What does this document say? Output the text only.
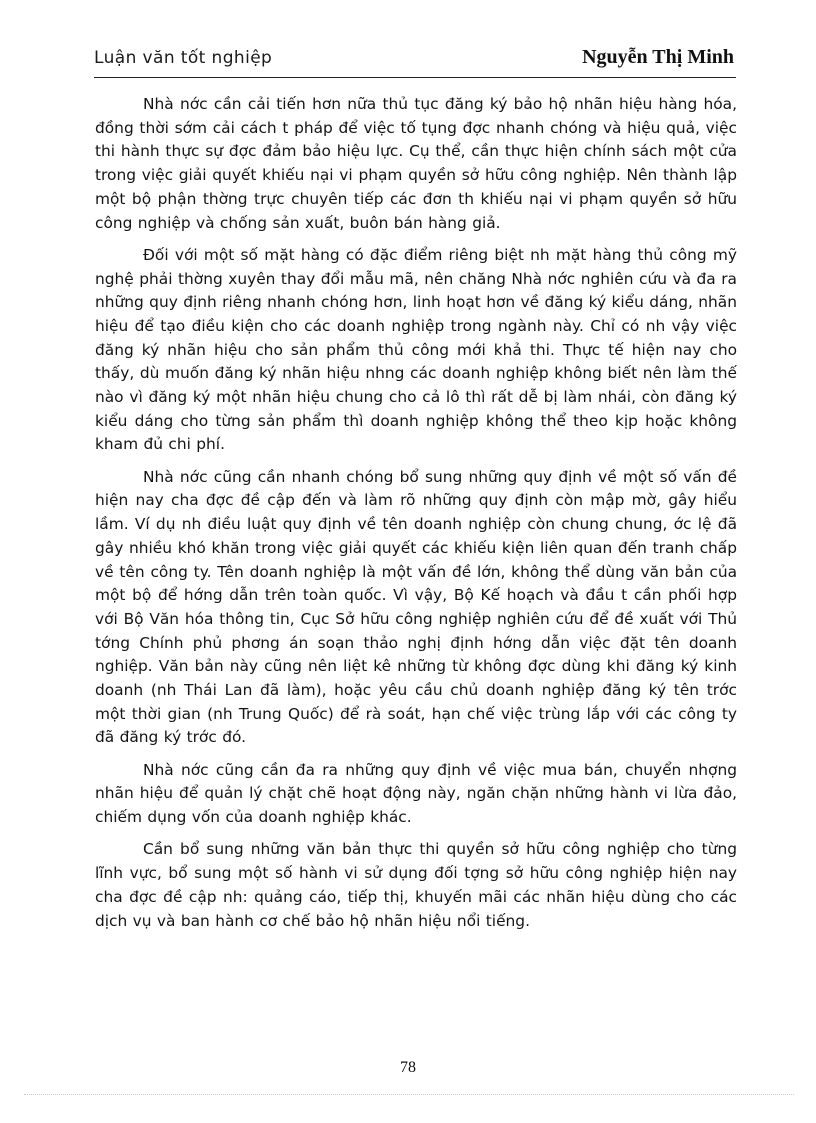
Luận văn tốt nghiệp	Nguyễn Thị Minh

Nhà nớc cần cải tiến hơn nữa thủ tục đăng ký bảo hộ nhãn hiệu hàng hóa, đồng thời sớm cải cách t pháp để việc tố tụng đợc nhanh chóng và hiệu quả, việc thi hành thực sự đợc đảm bảo hiệu lực. Cụ thể, cần thực hiện chính sách một cửa trong việc giải quyết khiếu nại vi phạm quyền sở hữu công nghiệp. Nên thành lập một bộ phận thờng trực chuyên tiếp các đơn th khiếu nại vi phạm quyền sở hữu công nghiệp và chống sản xuất, buôn bán hàng giả.

Đối với một số mặt hàng có đặc điểm riêng biệt nh mặt hàng thủ công mỹ nghệ phải thờng xuyên thay đổi mẫu mã, nên chăng Nhà nớc nghiên cứu và đa ra những quy định riêng nhanh chóng hơn, linh hoạt hơn về đăng ký kiểu dáng, nhãn hiệu để tạo điều kiện cho các doanh nghiệp trong ngành này. Chỉ có nh vậy việc đăng ký nhãn hiệu cho sản phẩm thủ công mới khả thi. Thực tế hiện nay cho thấy, dù muốn đăng ký nhãn hiệu nhng các doanh nghiệp không biết nên làm thế nào vì đăng ký một nhãn hiệu chung cho cả lô thì rất dễ bị làm nhái, còn đăng ký kiểu dáng cho từng sản phẩm thì doanh nghiệp không thể theo kịp hoặc không kham đủ chi phí.

Nhà nớc cũng cần nhanh chóng bổ sung những quy định về một số vấn đề hiện nay cha đợc đề cập đến và làm rõ những quy định còn mập mờ, gây hiểu lầm. Ví dụ nh điều luật quy định về tên doanh nghiệp còn chung chung, ớc lệ đã gây nhiều khó khăn trong việc giải quyết các khiếu kiện liên quan đến tranh chấp về tên công ty. Tên doanh nghiệp là một vấn đề lớn, không thể dùng văn bản của một bộ để hớng dẫn trên toàn quốc. Vì vậy, Bộ Kế hoạch và đầu t cần phối hợp với Bộ Văn hóa thông tin, Cục Sở hữu công nghiệp nghiên cứu để đề xuất với Thủ tớng Chính phủ phơng án soạn thảo nghị định hớng dẫn việc đặt tên doanh nghiệp. Văn bản này cũng nên liệt kê những từ không đợc dùng khi đăng ký kinh doanh (nh Thái Lan đã làm), hoặc yêu cầu chủ doanh nghiệp đăng ký tên trớc một thời gian (nh Trung Quốc) để rà soát, hạn chế việc trùng lắp với các công ty đã đăng ký trớc đó.

Nhà nớc cũng cần đa ra những quy định về việc mua bán, chuyển nhợng nhãn hiệu để quản lý chặt chẽ hoạt động này, ngăn chặn những hành vi lừa đảo, chiếm dụng vốn của doanh nghiệp khác.

Cần bổ sung những văn bản thực thi quyền sở hữu công nghiệp cho từng lĩnh vực, bổ sung một số hành vi sử dụng đối tợng sở hữu công nghiệp hiện nay cha đợc đề cập nh: quảng cáo, tiếp thị, khuyến mãi các nhãn hiệu dùng cho các dịch vụ và ban hành cơ chế bảo hộ nhãn hiệu nổi tiếng.

78
